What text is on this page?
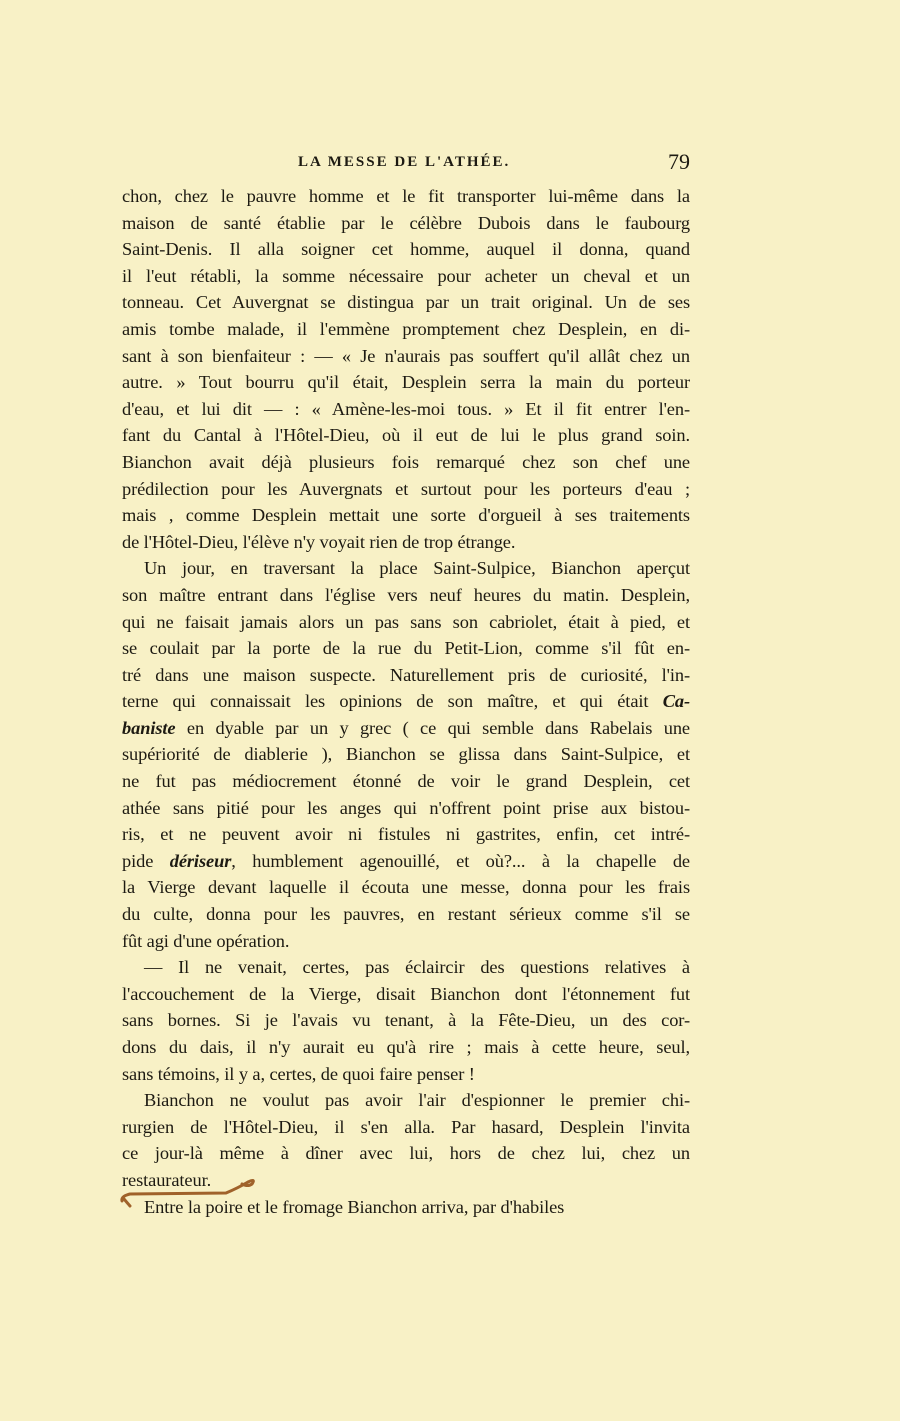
LA MESSE DE L'ATHÉE.	79
chon, chez le pauvre homme et le fit transporter lui-même dans la
maison de santé établie par le célèbre Dubois dans le faubourg
Saint-Denis. Il alla soigner cet homme, auquel il donna, quand
il l'eut rétabli, la somme nécessaire pour acheter un cheval et un
tonneau. Cet Auvergnat se distingua par un trait original. Un de ses
amis tombe malade, il l'emmène promptement chez Desplein, en di-
sant à son bienfaiteur : — « Je n'aurais pas souffert qu'il allât chez un
autre. » Tout bourru qu'il était, Desplein serra la main du porteur
d'eau, et lui dit — : « Amène-les-moi tous. » Et il fit entrer l'en-
fant du Cantal à l'Hôtel-Dieu, où il eut de lui le plus grand soin.
Bianchon avait déjà plusieurs fois remarqué chez son chef une
prédilection pour les Auvergnats et surtout pour les porteurs d'eau ;
mais , comme Desplein mettait une sorte d'orgueil à ses traitements
de l'Hôtel-Dieu, l'élève n'y voyait rien de trop étrange.
Un jour, en traversant la place Saint-Sulpice, Bianchon aperçut
son maître entrant dans l'église vers neuf heures du matin. Desplein,
qui ne faisait jamais alors un pas sans son cabriolet, était à pied, et
se coulait par la porte de la rue du Petit-Lion, comme s'il fût en-
tré dans une maison suspecte. Naturellement pris de curiosité, l'in-
terne qui connaissait les opinions de son maître, et qui était Ca-
baniste en dyable par un y grec ( ce qui semble dans Rabelais une
supériorité de diablerie ), Bianchon se glissa dans Saint-Sulpice, et
ne fut pas médiocrement étonné de voir le grand Desplein, cet
athée sans pitié pour les anges qui n'offrent point prise aux bistou-
ris, et ne peuvent avoir ni fistules ni gastrites, enfin, cet intré-
pide dériseur, humblement agenouillé, et où?... à la chapelle de
la Vierge devant laquelle il écouta une messe, donna pour les frais
du culte, donna pour les pauvres, en restant sérieux comme s'il se
fût agi d'une opération.
— Il ne venait, certes, pas éclaircir des questions relatives à
l'accouchement de la Vierge, disait Bianchon dont l'étonnement fut
sans bornes. Si je l'avais vu tenant, à la Fête-Dieu, un des cor-
dons du dais, il n'y aurait eu qu'à rire ; mais à cette heure, seul,
sans témoins, il y a, certes, de quoi faire penser !
Bianchon ne voulut pas avoir l'air d'espionner le premier chi-
rurgien de l'Hôtel-Dieu, il s'en alla. Par hasard, Desplein l'invita
ce jour-là même à dîner avec lui, hors de chez lui, chez un
restaurateur.
Entre la poire et le fromage Bianchon arriva, par d'habiles
